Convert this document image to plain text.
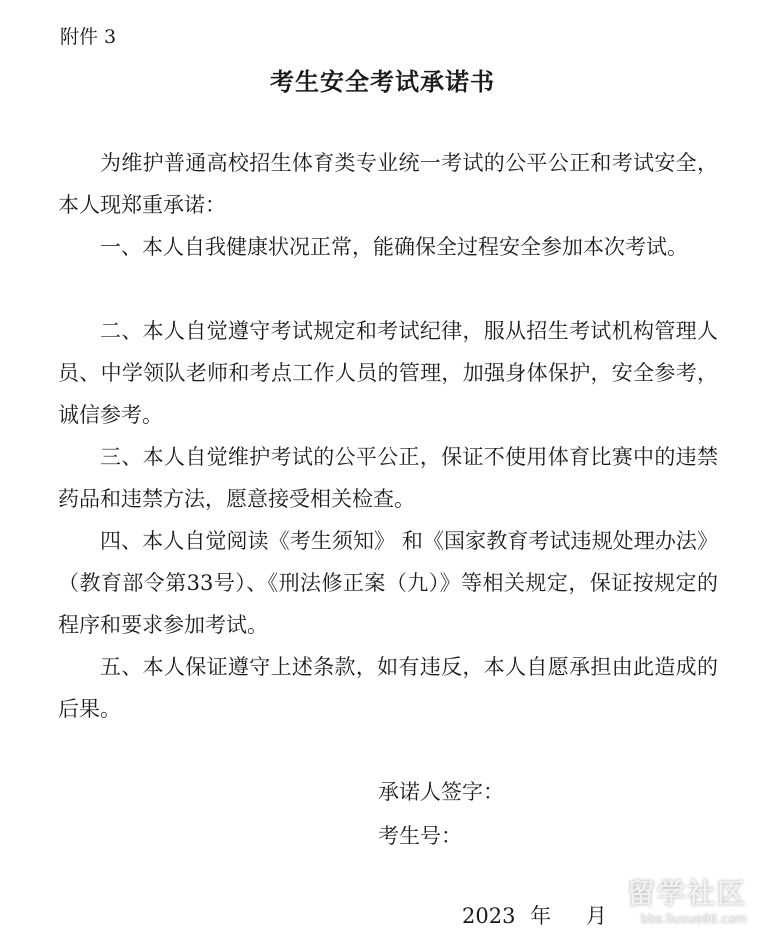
附件 3
考生安全考试承诺书

为维护普通高校招生体育类专业统一考试的公平公正和考试安全，本人现郑重承诺：

一、本人自我健康状况正常，能确保全过程安全参加本次考试。

二、本人自觉遵守考试规定和考试纪律，服从招生考试机构管理人员、中学领队老师和考点工作人员的管理，加强身体保护，安全参考，诚信参考。

三、本人自觉维护考试的公平公正，保证不使用体育比赛中的违禁药品和违禁方法，愿意接受相关检查。

四、本人自觉阅读《考生须知》 和《国家教育考试违规处理办法》（教育部令第33号）、《刑法修正案（九）》等相关规定，保证按规定的程序和要求参加考试。

五、本人保证遵守上述条款，如有违反，本人自愿承担由此造成的后果。

承诺人签字：
考生号：
2023 年 月
留学社区
bbs.liuxue86.com
